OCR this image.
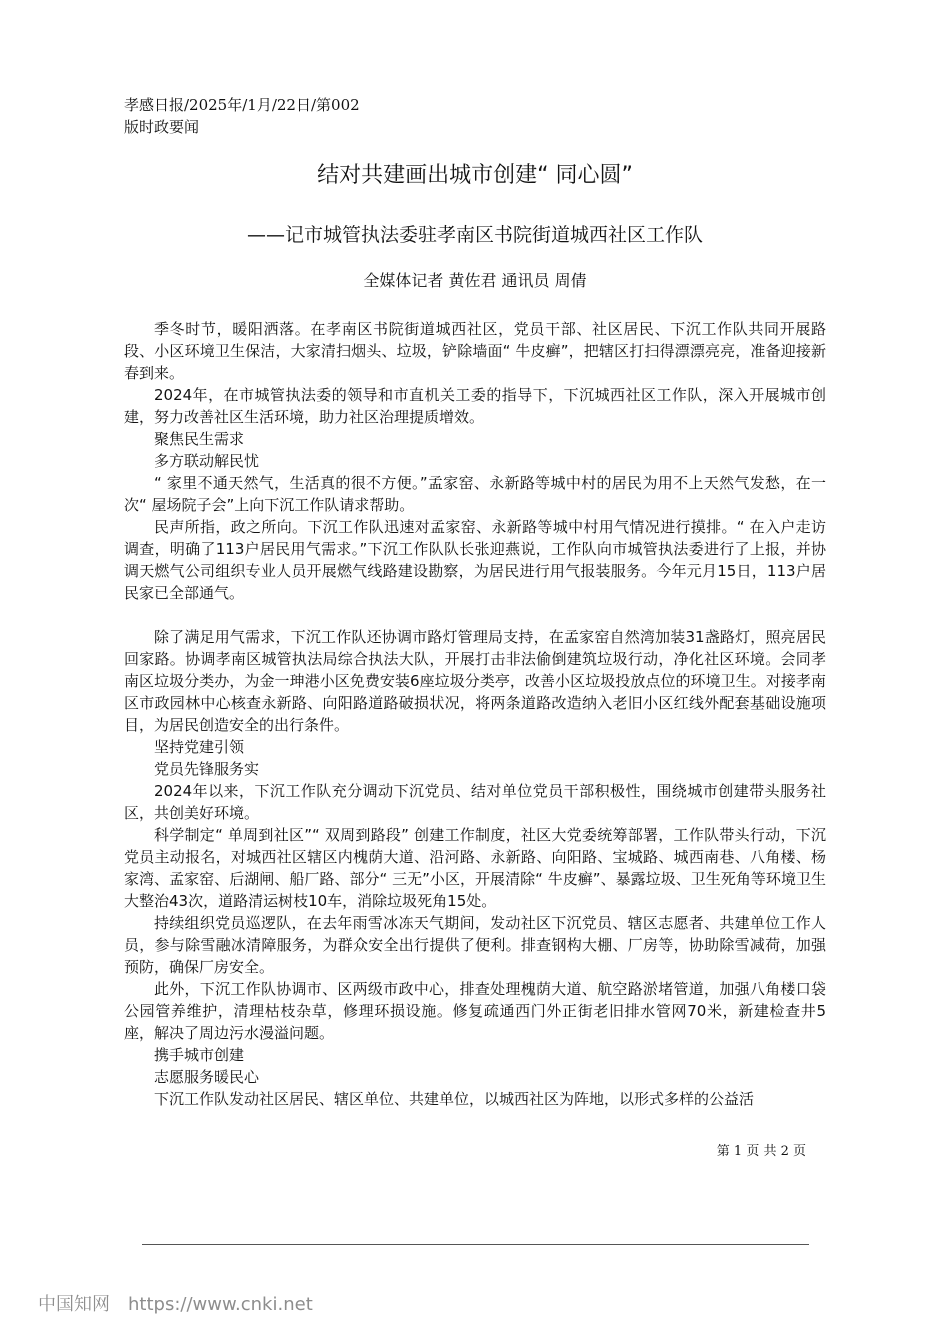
孝感日报/2025年/1月/22日/第002
版时政要闻
结对共建画出城市创建“ 同心圆”
——记市城管执法委驻孝南区书院街道城西社区工作队
全媒体记者 黄佐君 通讯员 周倩

季冬时节，暖阳洒落。在孝南区书院街道城西社区，党员干部、社区居民、下沉工作队共同开展路段、小区环境卫生保洁，大家清扫烟头、垃圾，铲除墙面“ 牛皮癣”，把辖区打扫得漂漂亮亮，准备迎接新春到来。

2024年，在市城管执法委的领导和市直机关工委的指导下，下沉城西社区工作队，深入开展城市创建，努力改善社区生活环境，助力社区治理提质增效。

聚焦民生需求

多方联动解民忧

“ 家里不通天然气，生活真的很不方便。”孟家窑、永新路等城中村的居民为用不上天然气发愁，在一次“ 屋场院子会”上向下沉工作队请求帮助。

民声所指，政之所向。下沉工作队迅速对孟家窑、永新路等城中村用气情况进行摸排。“ 在入户走访调查，明确了113户居民用气需求。”下沉工作队队长张迎燕说，工作队向市城管执法委进行了上报，并协调天燃气公司组织专业人员开展燃气线路建设勘察，为居民进行用气报装服务。今年元月15日，113户居民家已全部通气。

除了满足用气需求，下沉工作队还协调市路灯管理局支持，在孟家窑自然湾加装31盏路灯，照亮居民回家路。协调孝南区城管执法局综合执法大队，开展打击非法偷倒建筑垃圾行动，净化社区环境。会同孝南区垃圾分类办，为金一珅港小区免费安装6座垃圾分类亭，改善小区垃圾投放点位的环境卫生。对接孝南区市政园林中心核查永新路、向阳路道路破损状况，将两条道路改造纳入老旧小区红线外配套基础设施项目，为居民创造安全的出行条件。

坚持党建引领

党员先锋服务实

2024年以来，下沉工作队充分调动下沉党员、结对单位党员干部积极性，围绕城市创建带头服务社区，共创美好环境。

科学制定“ 单周到社区”“ 双周到路段” 创建工作制度，社区大党委统筹部署，工作队带头行动，下沉党员主动报名，对城西社区辖区内槐荫大道、沿河路、永新路、向阳路、宝城路、城西南巷、八角楼、杨家湾、孟家窑、后湖闸、船厂路、部分“ 三无”小区，开展清除“ 牛皮癣”、暴露垃圾、卫生死角等环境卫生大整治43次，道路清运树枝10车，消除垃圾死角15处。

持续组织党员巡逻队，在去年雨雪冰冻天气期间，发动社区下沉党员、辖区志愿者、共建单位工作人员，参与除雪融冰清障服务，为群众安全出行提供了便利。排查钢构大棚、厂房等，协助除雪减荷，加强预防，确保厂房安全。

此外，下沉工作队协调市、区两级市政中心，排查处理槐荫大道、航空路淤堵管道，加强八角楼口袋公园管养维护，清理枯枝杂草，修理环损设施。修复疏通西门外正街老旧排水管网70米，新建检查井5座，解决了周边污水漫溢问题。

携手城市创建

志愿服务暖民心

下沉工作队发动社区居民、辖区单位、共建单位，以城西社区为阵地，以形式多样的公益活

第 1 页 共 2 页
中国知网 https://www.cnki.net
